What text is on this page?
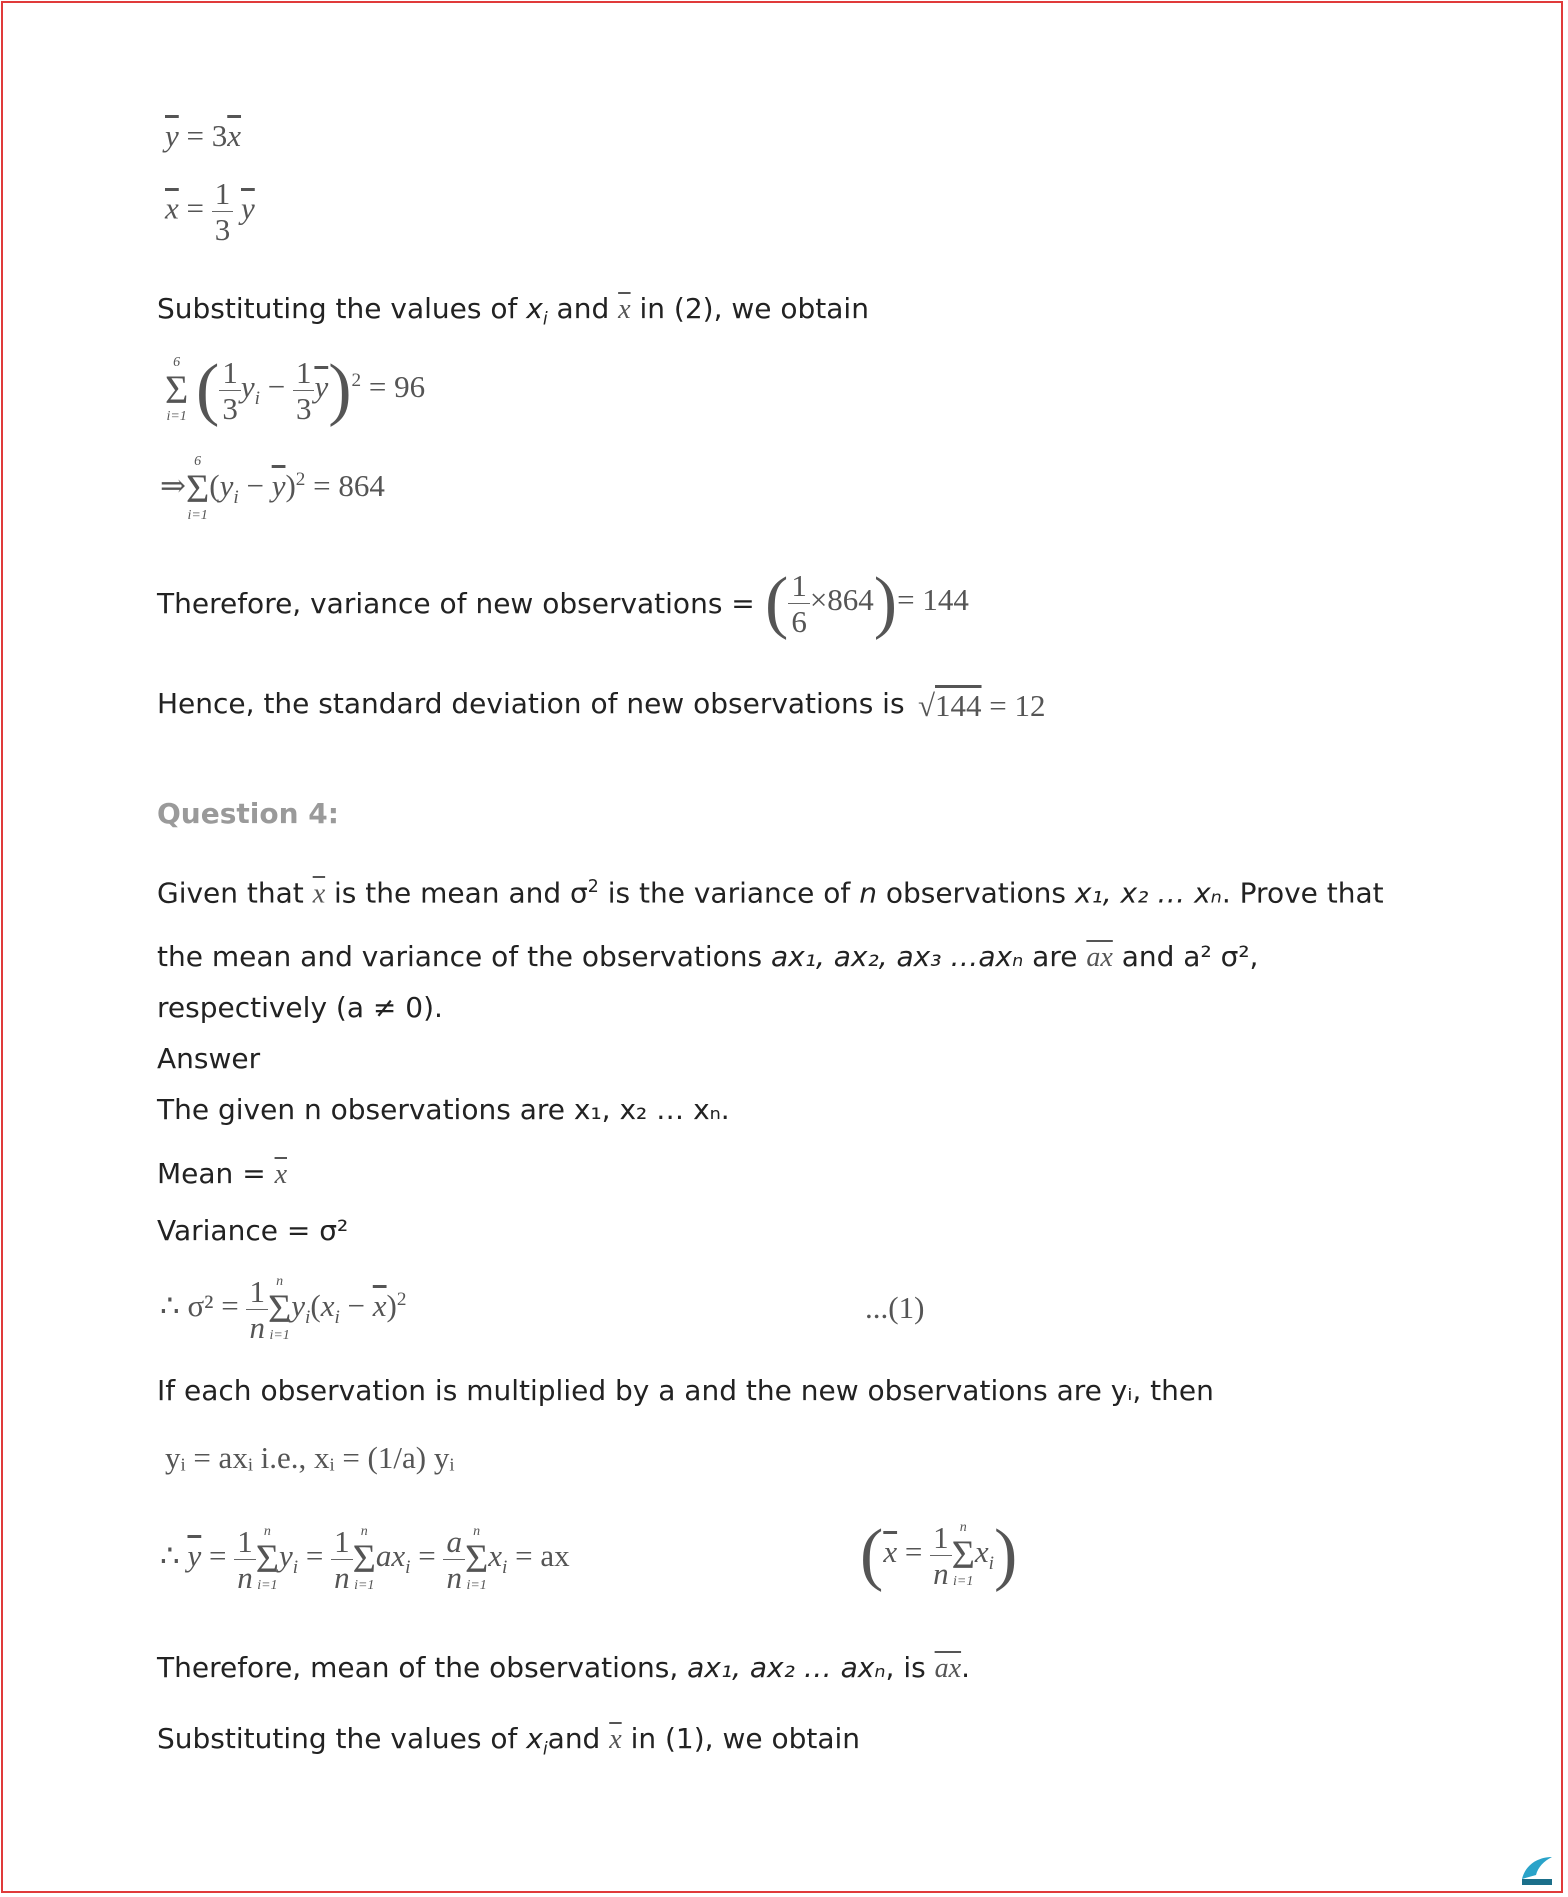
$\overline{y} = 3\overline{x}$
$\overline{x} = \frac{1}{3} \overline{y}$
Substituting the values of $x_i$ and $\overline{x}$ in (2), we obtain
6
Σ
i=1 ( $\frac{1}{3} y_i - \frac{1}{3} \overline{y})^2 = 96$
⇒
6
Σ
i=1
$(y_i - \overline{y})^2 = 864$
Therefore, variance of new observations = ( $\frac{1}{6} \times 864)= 144$
Hence, the standard deviation of new observations is √144 = 12
Question 4:
Given that $\overline{x}$ is the mean and $\sigma^2$ is the variance of n observations x₁, x₂ … xₙ. Prove that
the mean and variance of the observations ax₁, ax₂, ax₃ …axₙ are $\overline{ax}$ and a² σ²,
respectively (a ≠ 0).
Answer
The given n observations are x₁, x₂ … xₙ.
Mean = $\overline{x}$
Variance = σ²
∴ $\sigma^2 = \frac{1}{n}$ n
Σ
i=1
$y_i(x_i - \overline{x})^2$	...(1)
If each observation is multiplied by a and the new observations are yᵢ, then
yᵢ = axᵢ i.e., xᵢ = (1/a) yᵢ
∴ $\overline{y} = \frac{1}{n}$ n
Σ
i=1
$y_i = \frac{1}{n}$ n
Σ
i=1
$ax_i = \frac{a}{n}$ n
Σ
i=1
$x_i$ = ax	($\overline{x} = \frac{1}{n}$ n
Σ
i=1
$x_i$)
Therefore, mean of the observations, ax₁, ax₂ … axₙ, is $\overline{ax}$.
Substituting the values of $x_iand$ $\overline{x}$ in (1), we obtain
